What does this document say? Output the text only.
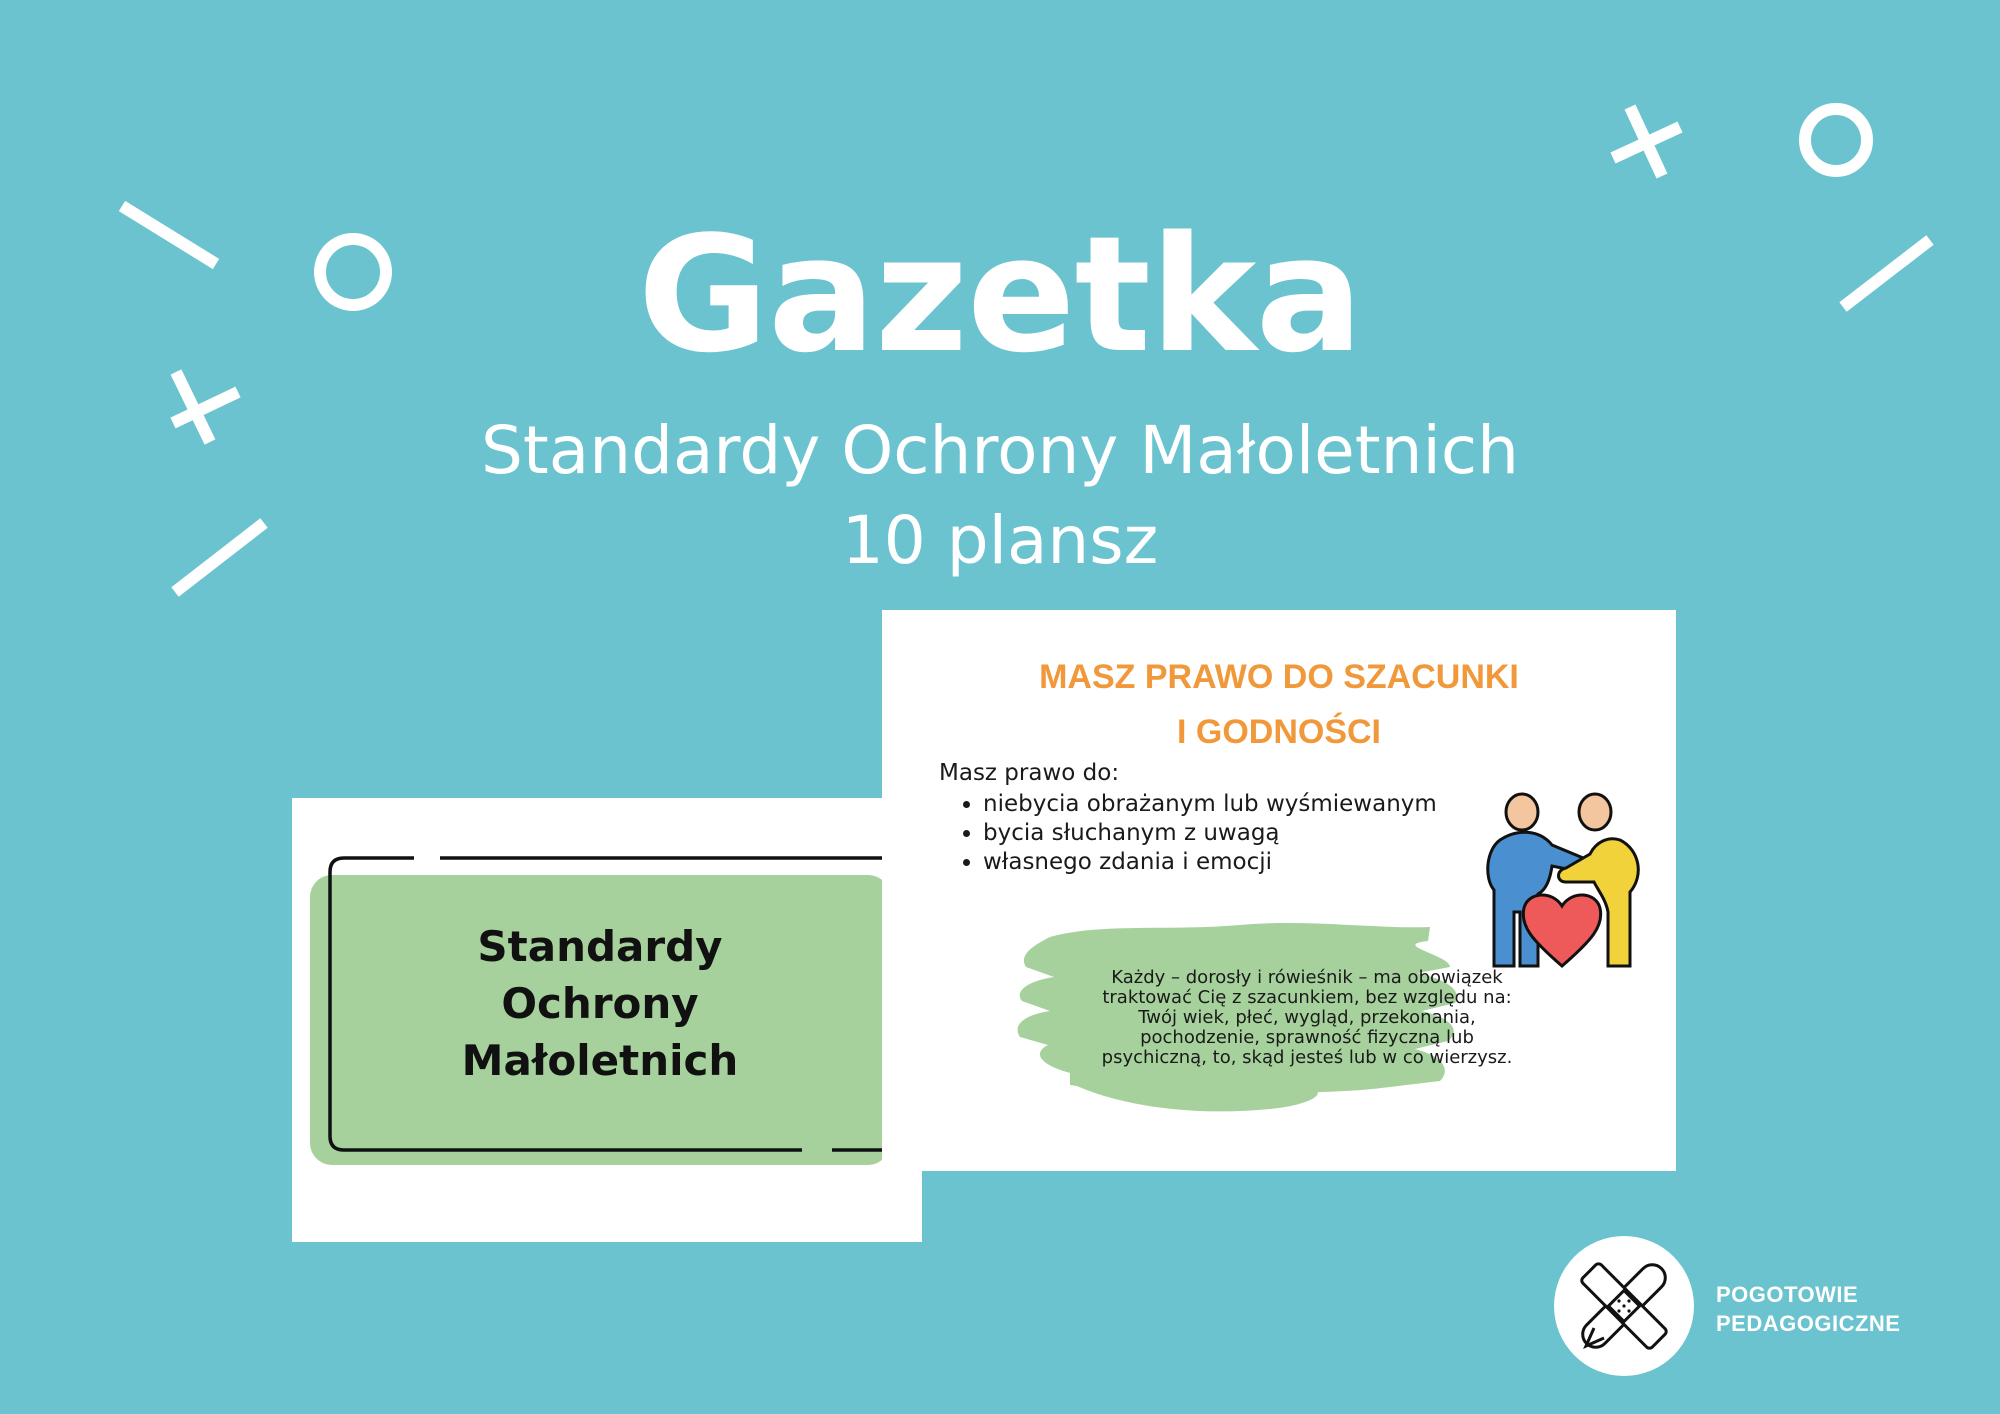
Gazetka
Standardy Ochrony Małoletnich
10 plansz
Standardy
Ochrony
Małoletnich
MASZ PRAWO DO SZACUNKI
I GODNOŚCI
Masz prawo do:
• niebycia obrażanym lub wyśmiewanym
• bycia słuchanym z uwagą
• własnego zdania i emocji
Każdy – dorosły i rówieśnik – ma obowiązek
traktować Cię z szacunkiem, bez względu na:
Twój wiek, płeć, wygląd, przekonania,
pochodzenie, sprawność fizyczną lub
psychiczną, to, skąd jesteś lub w co wierzysz.
POGOTOWIE
PEDAGOGICZNE
